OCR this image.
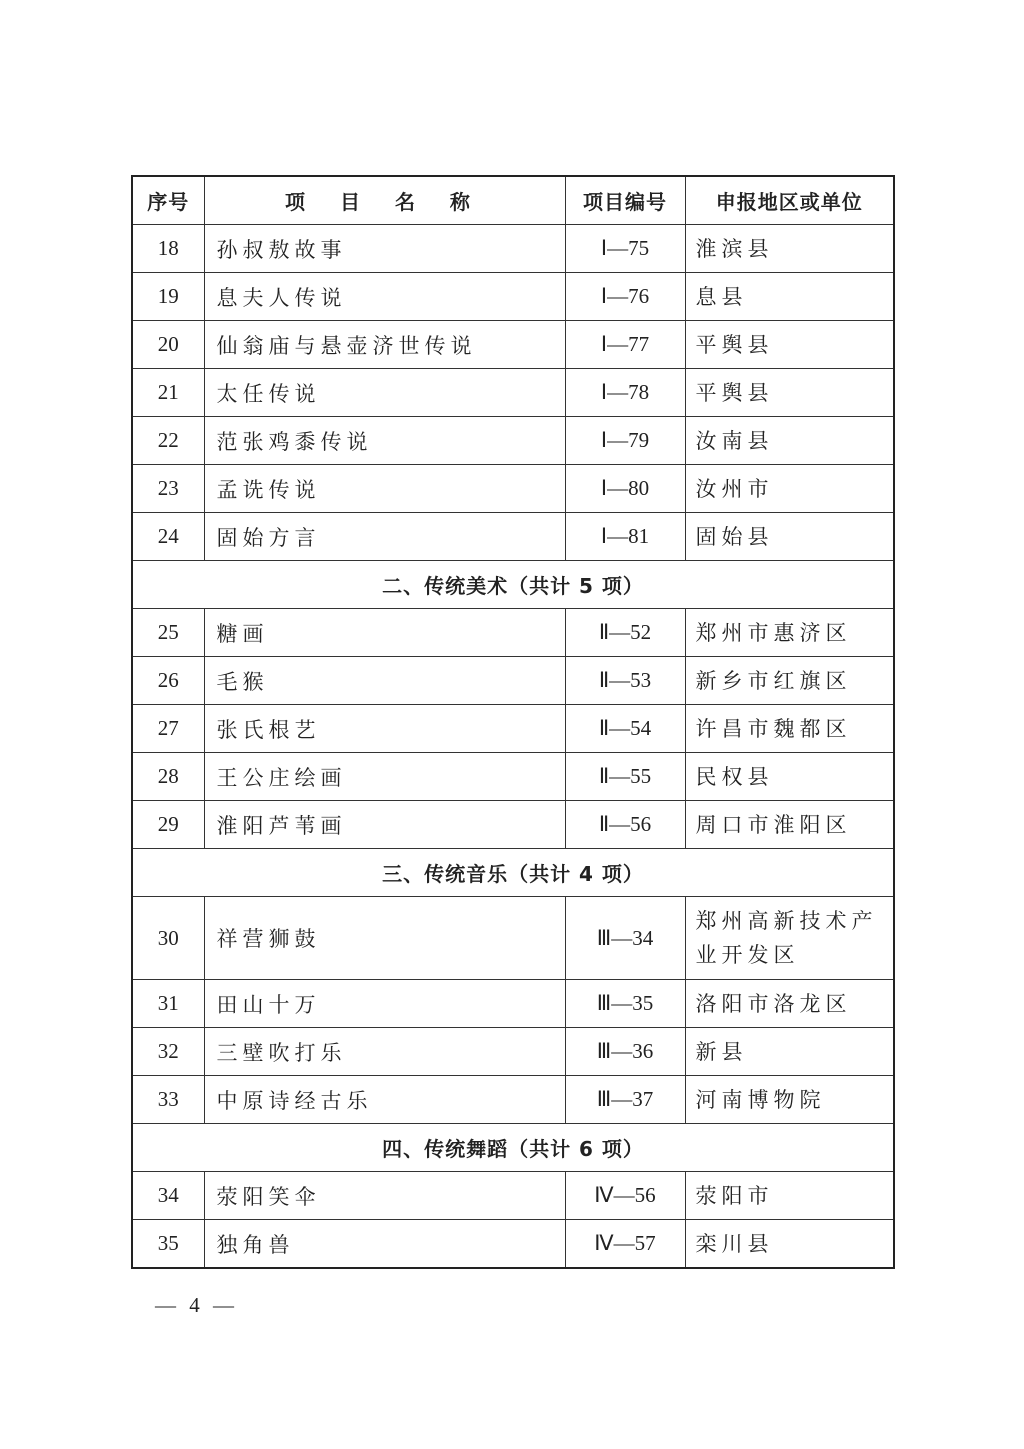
序号	项 目 名 称	项目编号	申报地区或单位
18	孙叔敖故事	Ⅰ—75	淮滨县
19	息夫人传说	Ⅰ—76	息县
20	仙翁庙与悬壶济世传说	Ⅰ—77	平舆县
21	太任传说	Ⅰ—78	平舆县
22	范张鸡黍传说	Ⅰ—79	汝南县
23	孟诜传说	Ⅰ—80	汝州市
24	固始方言	Ⅰ—81	固始县
二、传统美术（共计 5 项）			
25	糖画	Ⅱ—52	郑州市惠济区
26	毛猴	Ⅱ—53	新乡市红旗区
27	张氏根艺	Ⅱ—54	许昌市魏都区
28	王公庄绘画	Ⅱ—55	民权县
29	淮阳芦苇画	Ⅱ—56	周口市淮阳区
三、传统音乐（共计 4 项）			
30	祥营狮鼓	Ⅲ—34	郑州高新技术产业开发区
31	田山十万	Ⅲ—35	洛阳市洛龙区
32	三壁吹打乐	Ⅲ—36	新县
33	中原诗经古乐	Ⅲ—37	河南博物院
四、传统舞蹈（共计 6 项）			
34	荥阳笑伞	Ⅳ—56	荥阳市
35	独角兽	Ⅳ—57	栾川县
— 4 —
